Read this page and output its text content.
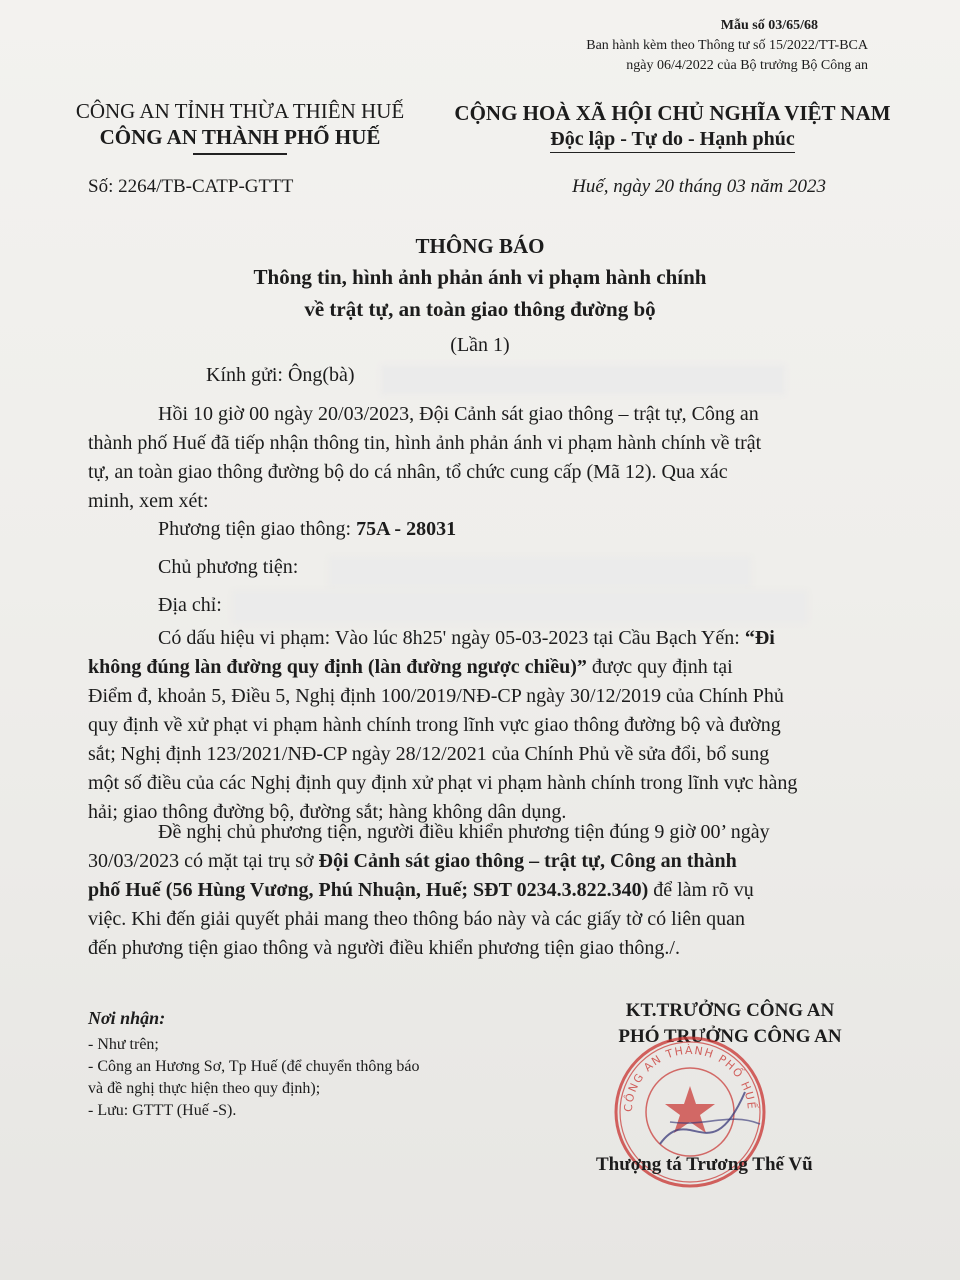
Mẫu số 03/65/68
Ban hành kèm theo Thông tư số 15/2022/TT-BCA
ngày 06/4/2022 của Bộ trưởng Bộ Công an
CÔNG AN TỈNH THỪA THIÊN HUẾ
CÔNG AN THÀNH PHỐ HUẾ
CỘNG HOÀ XÃ HỘI CHỦ NGHĨA VIỆT NAM
Độc lập - Tự do - Hạnh phúc
Số: 2264/TB-CATP-GTTT	Huế, ngày 20 tháng 03 năm 2023
THÔNG BÁO
Thông tin, hình ảnh phản ánh vi phạm hành chính
về trật tự, an toàn giao thông đường bộ
(Lần 1)
Kính gửi: Ông(bà)
Hồi 10 giờ 00 ngày 20/03/2023, Đội Cảnh sát giao thông – trật tự, Công an
thành phố Huế đã tiếp nhận thông tin, hình ảnh phản ánh vi phạm hành chính về trật
tự, an toàn giao thông đường bộ do cá nhân, tổ chức cung cấp (Mã 12). Qua xác
minh, xem xét:
Phương tiện giao thông: 75A - 28031
Chủ phương tiện:
Địa chỉ:
Có dấu hiệu vi phạm: Vào lúc 8h25' ngày 05-03-2023 tại Cầu Bạch Yến: “Đi
không đúng làn đường quy định (làn đường ngược chiều)” được quy định tại
Điểm đ, khoản 5, Điều 5, Nghị định 100/2019/NĐ-CP ngày 30/12/2019 của Chính Phủ
quy định về xử phạt vi phạm hành chính trong lĩnh vực giao thông đường bộ và đường
sắt; Nghị định 123/2021/NĐ-CP ngày 28/12/2021 của Chính Phủ về sửa đổi, bổ sung
một số điều của các Nghị định quy định xử phạt vi phạm hành chính trong lĩnh vực hàng
hải; giao thông đường bộ, đường sắt; hàng không dân dụng.
Đề nghị chủ phương tiện, người điều khiển phương tiện đúng 9 giờ 00’ ngày
30/03/2023 có mặt tại trụ sở Đội Cảnh sát giao thông – trật tự, Công an thành
phố Huế (56 Hùng Vương, Phú Nhuận, Huế; SĐT 0234.3.822.340) để làm rõ vụ
việc. Khi đến giải quyết phải mang theo thông báo này và các giấy tờ có liên quan
đến phương tiện giao thông và người điều khiển phương tiện giao thông./.
Nơi nhận:
- Như trên;
- Công an Hương Sơ, Tp Huế (để chuyển thông báo
và đề nghị thực hiện theo quy định);
- Lưu: GTTT (Huế -S).
KT.TRƯỞNG CÔNG AN
PHÓ TRƯỞNG CÔNG AN
CÔNG AN THÀNH PHỐ HUẾ
Thượng tá Trương Thế Vũ
